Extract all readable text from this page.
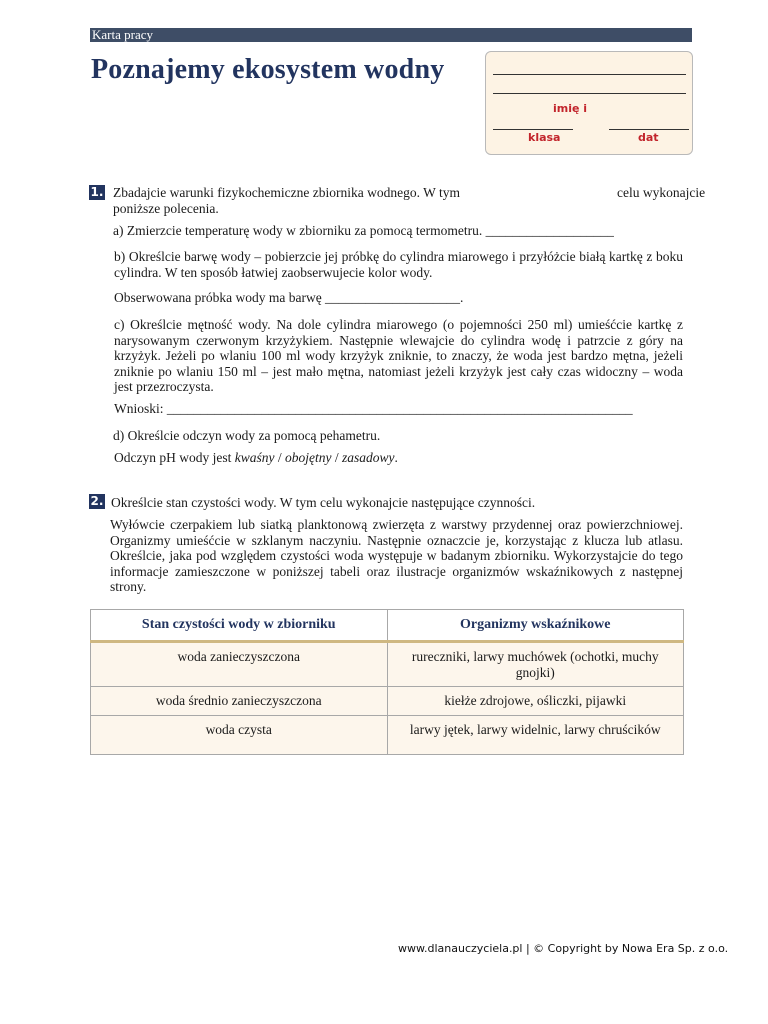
Karta pracy
Poznajemy ekosystem wodny
imię i
klasa	dat
1. Zbadajcie warunki fizykochemiczne zbiornika wodnego. W tym	celu wykonajcie
poniższe polecenia.
a) Zmierzcie temperaturę wody w zbiorniku za pomocą termometru. ___________________
b) Określcie barwę wody – pobierzcie jej próbkę do cylindra miarowego i przyłóżcie białą kartkę z boku cylindra. W ten sposób łatwiej zaobserwujecie kolor wody.
Obserwowana próbka wody ma barwę ____________________.
c) Określcie mętność wody. Na dole cylindra miarowego (o pojemności 250 ml) umieśćcie kartkę z narysowanym czerwonym krzyżykiem. Następnie wlewajcie do cylindra wodę i patrzcie z góry na krzyżyk. Jeżeli po wlaniu 100 ml wody krzyżyk zniknie, to znaczy, że woda jest bardzo mętna, jeżeli zniknie po wlaniu 150 ml – jest mało mętna, natomiast jeżeli krzyżyk jest cały czas widoczny – woda jest przezroczysta.
Wnioski: _____________________________________________________________________
d) Określcie odczyn wody za pomocą pehametru.
Odczyn pH wody jest kwaśny / obojętny / zasadowy.
2. Określcie stan czystości wody. W tym celu wykonajcie następujące czynności.
Wyłówcie czerpakiem lub siatką planktonową zwierzęta z warstwy przydennej oraz powierzchniowej. Organizmy umieśćcie w szklanym naczyniu. Następnie oznaczcie je, korzystając z klucza lub atlasu. Określcie, jaka pod względem czystości woda występuje w badanym zbiorniku. Wykorzystajcie do tego informacje zamieszczone w poniższej tabeli oraz ilustracje organizmów wskaźnikowych z następnej strony.
Stan czystości wody w zbiorniku	Organizmy wskaźnikowe
woda zanieczyszczona	rureczniki, larwy muchówek (ochotki, muchy gnojki)
woda średnio zanieczyszczona	kiełże zdrojowe, ośliczki, pijawki
woda czysta	larwy jętek, larwy widelnic, larwy chruścików
www.dlanauczyciela.pl | © Copyright by Nowa Era Sp. z o.o.
